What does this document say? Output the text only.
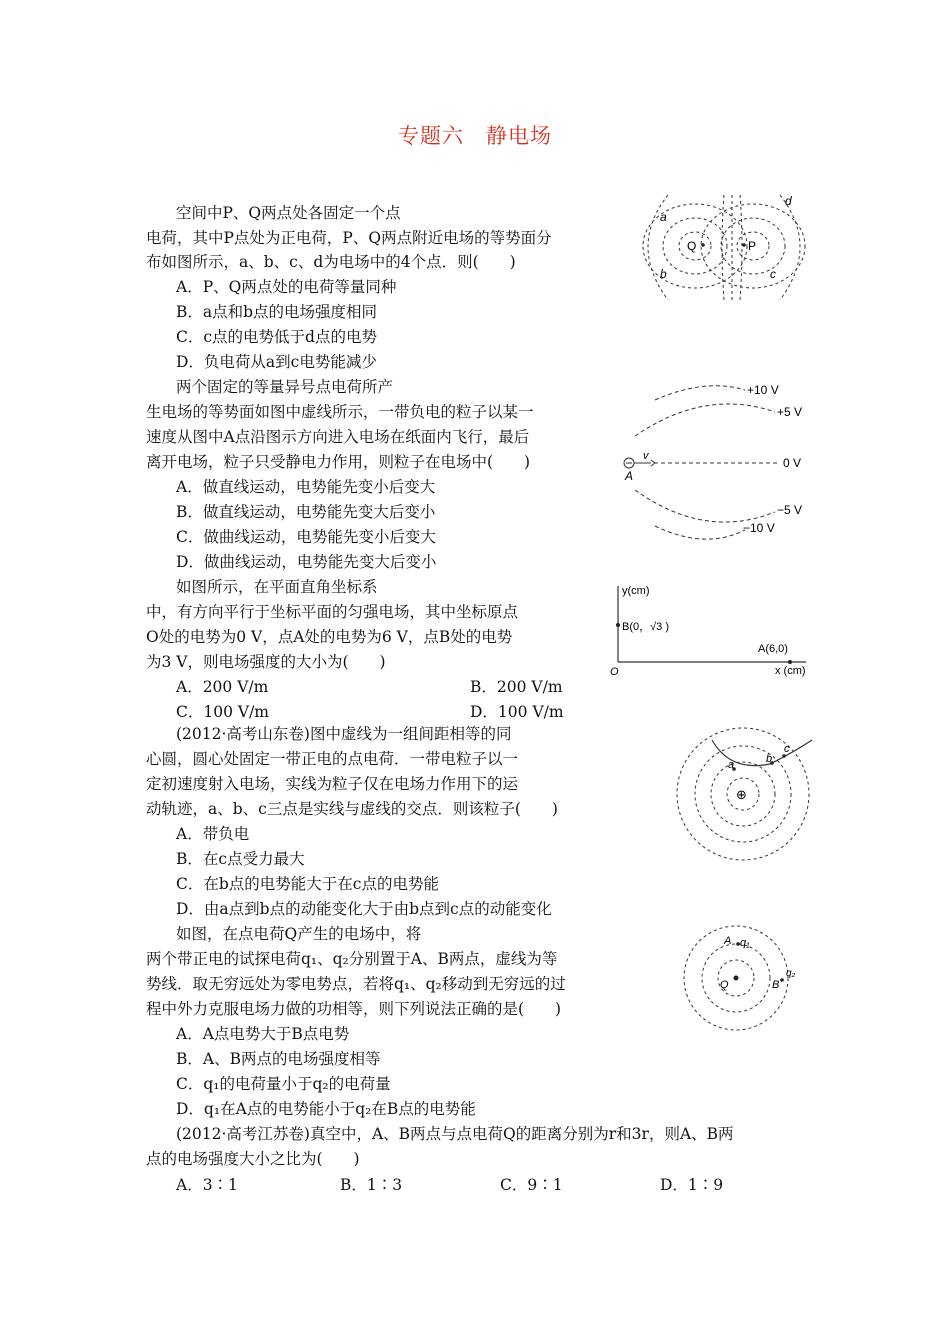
专题六　静电场
空间中P、Q两点处各固定一个点
电荷，其中P点处为正电荷，P、Q两点附近电场的等势面分
布如图所示，a、b、c、d为电场中的4个点．则(　　)
A．P、Q两点处的电荷等量同种
B．a点和b点的电场强度相同
C．c点的电势低于d点的电势
D．负电荷从a到c电势能减少
Q	P
a
b	c
d
两个固定的等量异号点电荷所产
生电场的等势面如图中虚线所示，一带负电的粒子以某一
速度从图中A点沿图示方向进入电场在纸面内飞行，最后
离开电场，粒子只受静电力作用，则粒子在电场中(　　)
A．做直线运动，电势能先变小后变大
B．做直线运动，电势能先变大后变小
C．做曲线运动，电势能先变小后变大
D．做曲线运动，电势能先变大后变小
+10 V
+5 V
0 V
−5 V
−10 V
A
v
如图所示，在平面直角坐标系
中，有方向平行于坐标平面的匀强电场，其中坐标原点
O处的电势为0 V，点A处的电势为6 V，点B处的电势
为3 V，则电场强度的大小为(　　)
A．200 V/m	B．200 V/m
C．100 V/m	D．100 V/m
y(cm)
x (cm)
O
A(6,0)
B(0，√3 )
(2012·高考山东卷)图中虚线为一组间距相等的同
心圆，圆心处固定一带正电的点电荷．一带电粒子以一
定初速度射入电场，实线为粒子仅在电场力作用下的运
动轨迹，a、b、c三点是实线与虚线的交点．则该粒子(　　)
A．带负电
B．在c点受力最大
C．在b点的电势能大于在c点的电势能
D．由a点到b点的动能变化大于由b点到c点的动能变化
a	b
c
⊕
如图，在点电荷Q产生的电场中，将
两个带正电的试探电荷q₁、q₂分别置于A、B两点，虚线为等
势线．取无穷远处为零电势点，若将q₁、q₂移动到无穷远的过
程中外力克服电场力做的功相等，则下列说法正确的是(　　)
A．A点电势大于B点电势
B．A、B两点的电场强度相等
C．q₁的电荷量小于q₂的电荷量
D．q₁在A点的电势能小于q₂在B点的电势能
A q₁
Q	B
q₂
(2012·高考江苏卷)真空中，A、B两点与点电荷Q的距离分别为r和3r，则A、B两
点的电场强度大小之比为(　　)
A．3∶1	B．1∶3	C．9∶1	D．1∶9
